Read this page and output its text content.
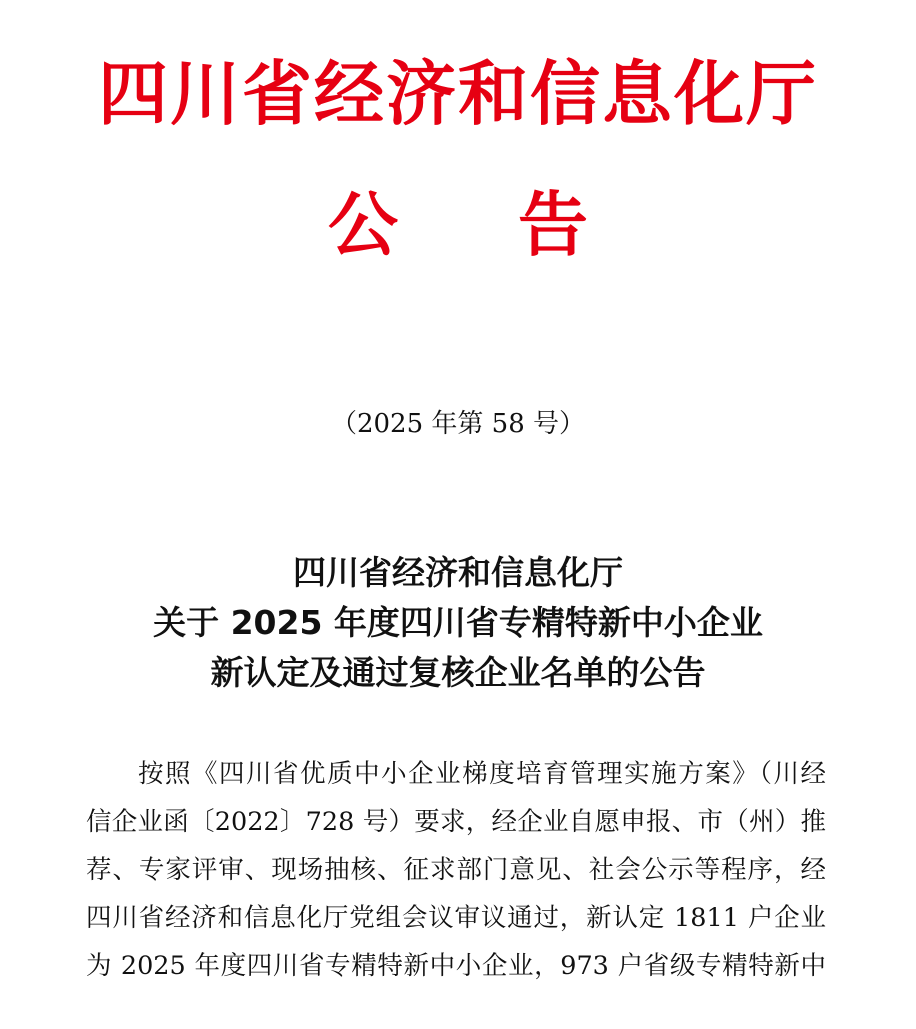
四川省经济和信息化厅
公 告
（2025 年第 58 号）
四川省经济和信息化厅
关于 2025 年度四川省专精特新中小企业
新认定及通过复核企业名单的公告
按照《四川省优质中小企业梯度培育管理实施方案》（川经
信企业函〔2022〕728 号）要求，经企业自愿申报、市（州）推
荐、专家评审、现场抽核、征求部门意见、社会公示等程序，经
四川省经济和信息化厅党组会议审议通过，新认定 1811 户企业
为 2025 年度四川省专精特新中小企业，973 户省级专精特新中
